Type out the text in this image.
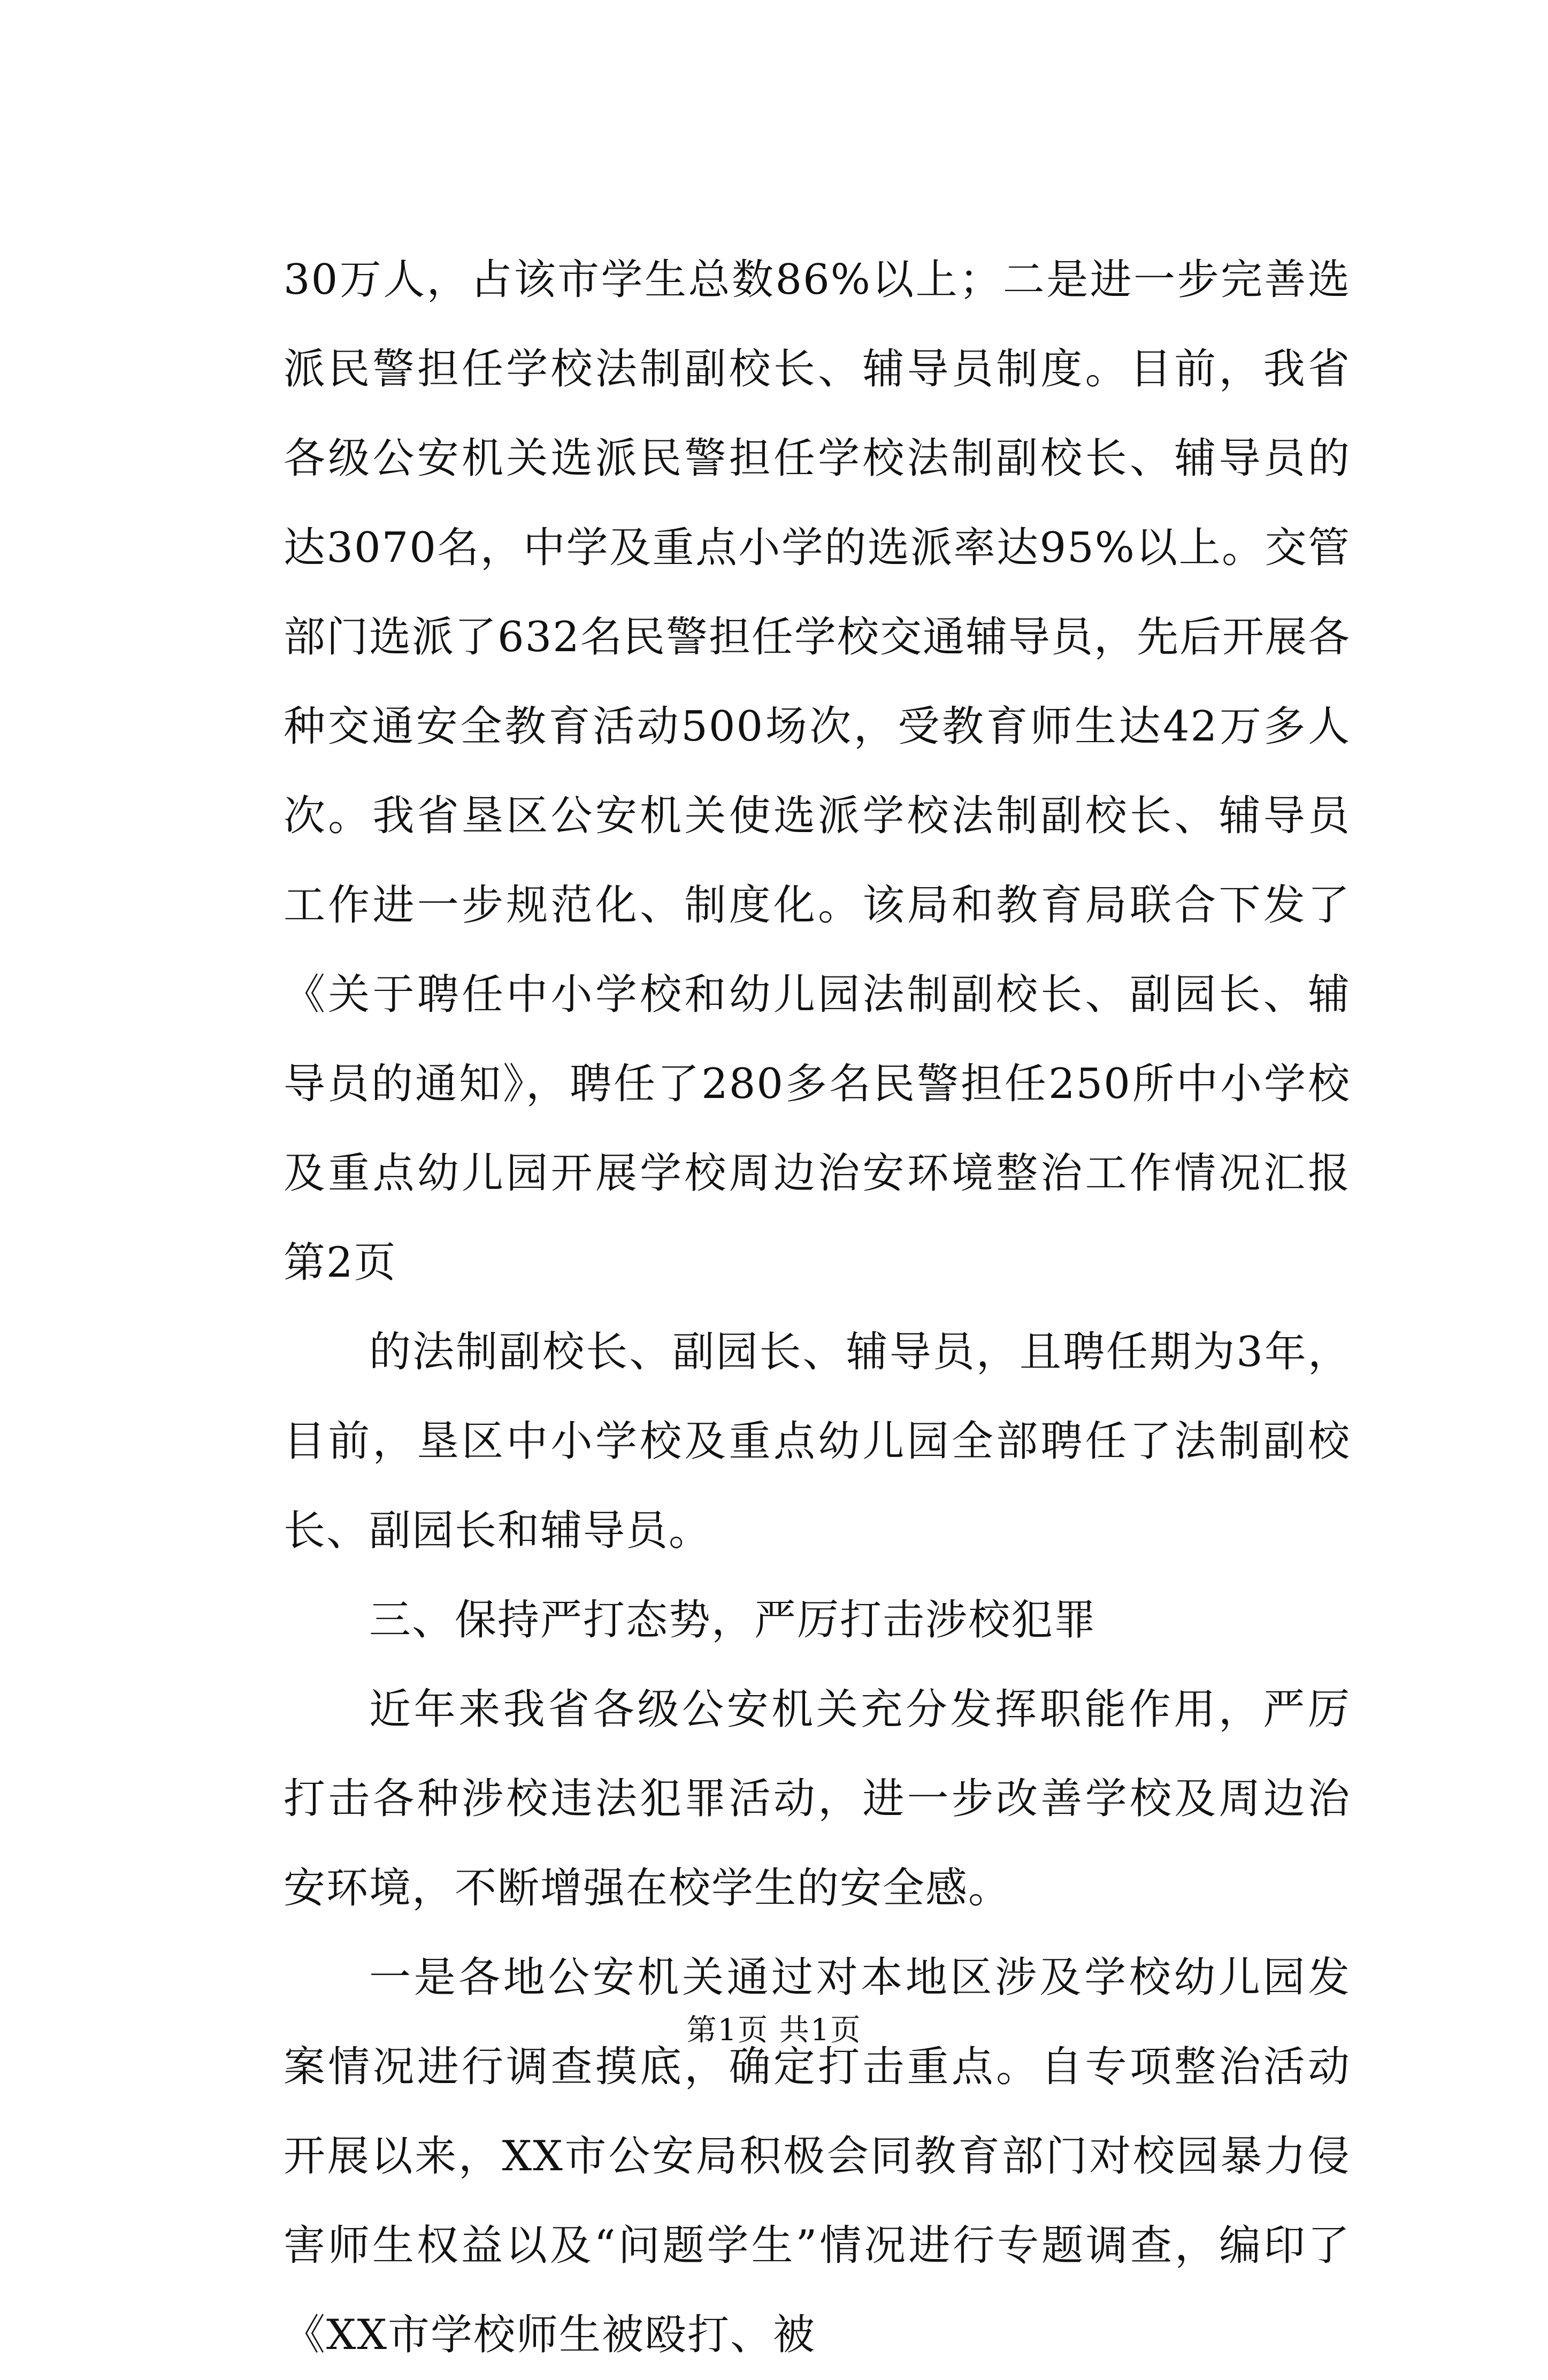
30万人，占该市学生总数86%以上；二是进一步完善选派民警担任学校法制副校长、辅导员制度。目前，我省各级公安机关选派民警担任学校法制副校长、辅导员的达3070名，中学及重点小学的选派率达95%以上。交管部门选派了632名民警担任学校交通辅导员，先后开展各种交通安全教育活动500场次，受教育师生达42万多人次。我省垦区公安机关使选派学校法制副校长、辅导员工作进一步规范化、制度化。该局和教育局联合下发了《关于聘任中小学校和幼儿园法制副校长、副园长、辅导员的通知》，聘任了280多名民警担任250所中小学校及重点幼儿园开展学校周边治安环境整治工作情况汇报第2页

的法制副校长、副园长、辅导员，且聘任期为3年，目前，垦区中小学校及重点幼儿园全部聘任了法制副校长、副园长和辅导员。

三、保持严打态势，严厉打击涉校犯罪

近年来我省各级公安机关充分发挥职能作用，严厉打击各种涉校违法犯罪活动，进一步改善学校及周边治安环境，不断增强在校学生的安全感。

一是各地公安机关通过对本地区涉及学校幼儿园发案情况进行调查摸底，确定打击重点。自专项整治活动开展以来，XX市公安局积极会同教育部门对校园暴力侵害师生权益以及“问题学生”情况进行专题调查，编印了《XX市学校师生被殴打、被

第1页 共1页
